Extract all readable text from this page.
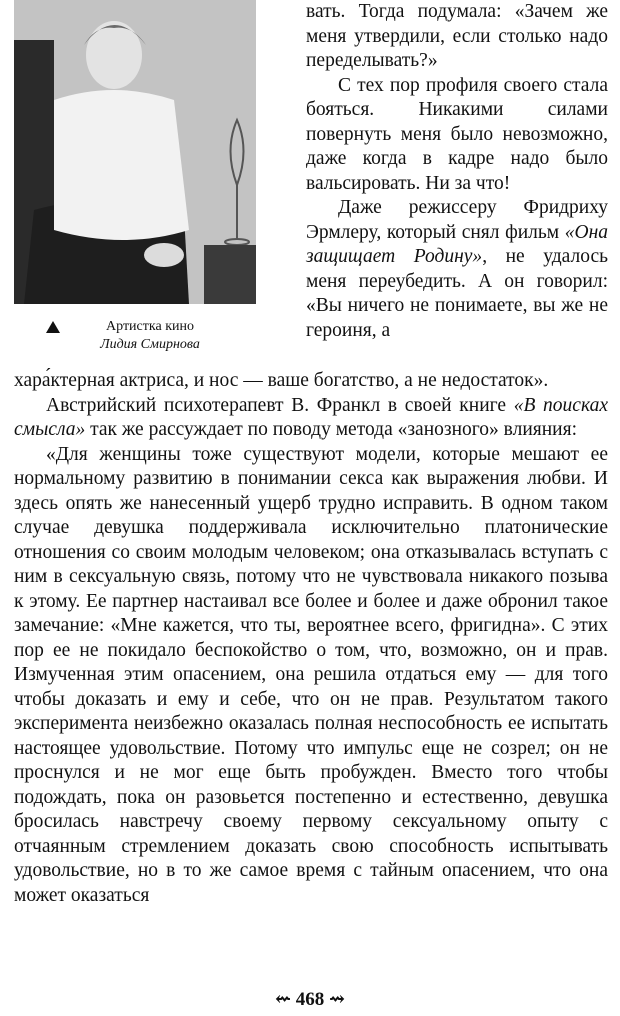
Артистка кино
Лидия Смирнова

вать. Тогда подумала: «Зачем же меня утвердили, если столько надо переделывать?»

С тех пор профиля своего стала бояться. Никакими силами повернуть меня было невозможно, даже когда в кадре надо было вальсировать. Ни за что!

Даже режиссеру Фридриху Эрмлеру, который снял фильм «Она защищает Родину», не удалось меня переубедить. А он говорил: «Вы ничего не понимаете, вы же не героиня, а

хара́ктерная актриса, и нос — ваше богатство, а не недостаток».

Австрийский психотерапевт В. Франкл в своей книге «В поисках смысла» так же рассуждает по поводу метода «занозного» влияния:

«Для женщины тоже существуют модели, которые мешают ее нормальному развитию в понимании секса как выражения любви. И здесь опять же нанесенный ущерб трудно исправить. В одном таком случае девушка поддерживала исключительно платонические отношения со своим молодым человеком; она отказывалась вступать с ним в сексуальную связь, потому что не чувствовала никакого позыва к этому. Ее партнер настаивал все более и более и даже обронил такое замечание: «Мне кажется, что ты, вероятнее всего, фригидна». С этих пор ее не покидало беспокойство о том, что, возможно, он и прав. Измученная этим опасением, она решила отдаться ему — для того чтобы доказать и ему и себе, что он не прав. Результатом такого эксперимента неизбежно оказалась полная неспособность ее испытать настоящее удовольствие. Потому что импульс еще не созрел; он не проснулся и не мог еще быть пробужден. Вместо того чтобы подождать, пока он разовьется постепенно и естественно, девушка бросилась навстречу своему первому сексуальному опыту с отчаянным стремлением доказать свою способность испытывать удовольствие, но в то же самое время с тайным опасением, что она может оказаться

⇜ 468 ⇝
